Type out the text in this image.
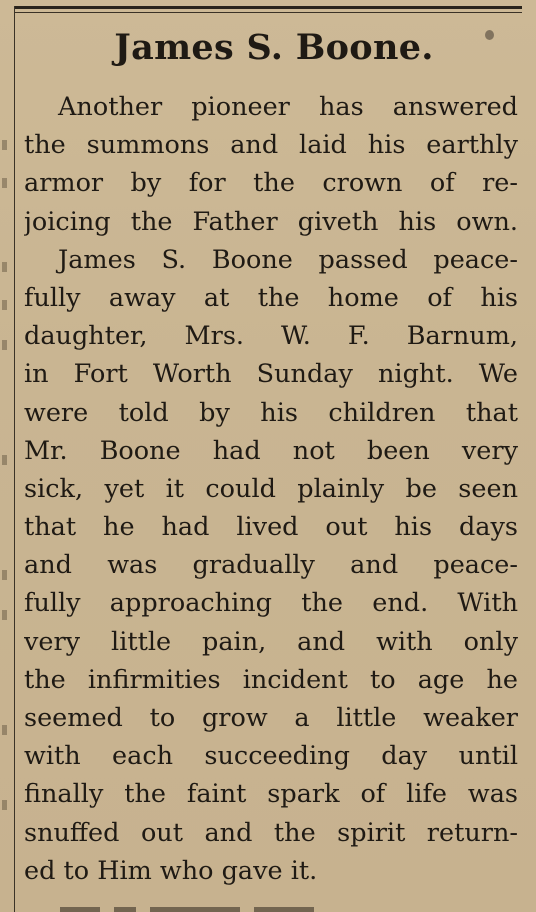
James S. Boone.
Another pioneer has answered
the summons and laid his earthly
armor by for the crown of re-
joicing the Father giveth his own.
James S. Boone passed peace-
fully away at the home of his
daughter, Mrs. W. F. Barnum,
in Fort Worth Sunday night. We
were told by his children that
Mr. Boone had not been very
sick, yet it could plainly be seen
that he had lived out his days
and was gradually and peace-
fully approaching the end. With
very little pain, and with only
the infirmities incident to age he
seemed to grow a little weaker
with each succeeding day until
finally the faint spark of life was
snuffed out and the spirit return-
ed to Him who gave it.
